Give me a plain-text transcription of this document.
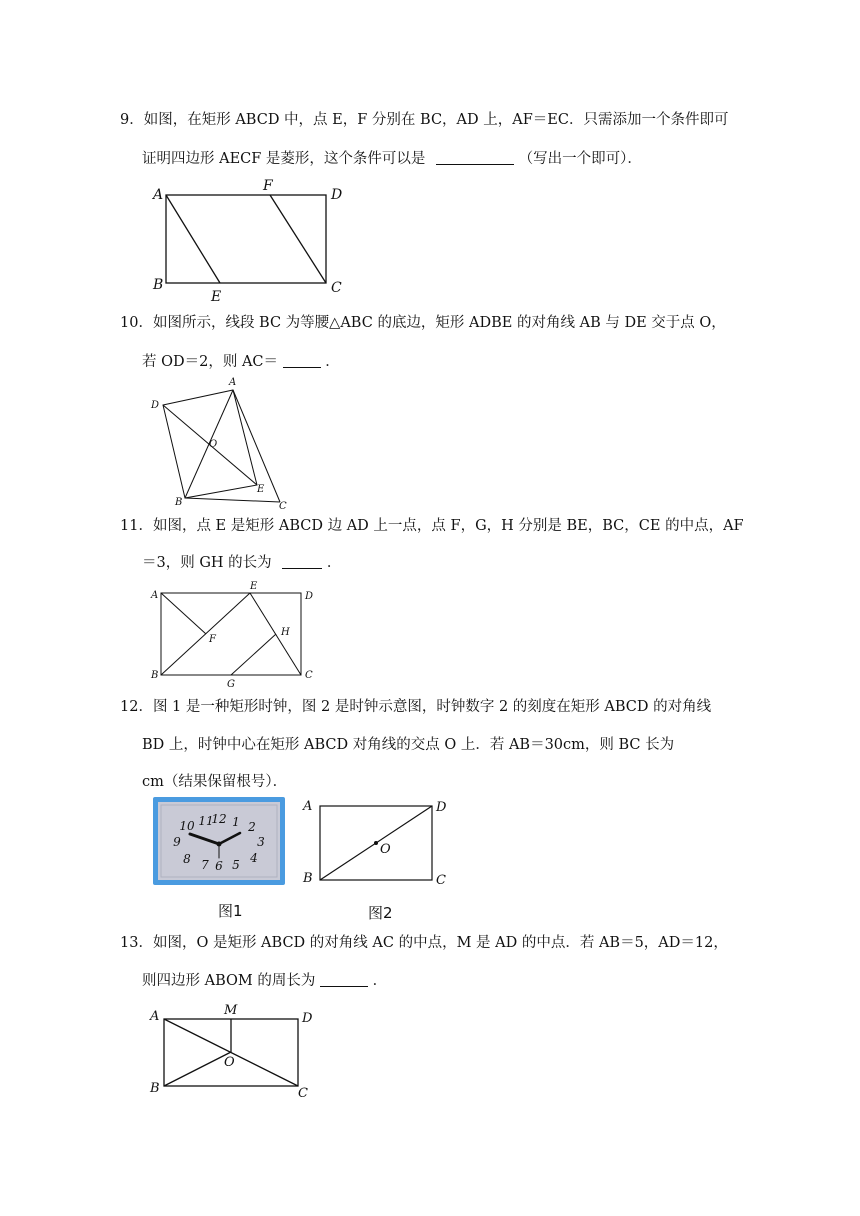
9．如图，在矩形 ABCD 中，点 E，F 分别在 BC，AD 上，AF＝EC．只需添加一个条件即可
证明四边形 AECF 是菱形，这个条件可以是	（写出一个即可）．
A
F
D
B
E
C
10．如图所示，线段 BC 为等腰△ABC 的底边，矩形 ADBE 的对角线 AB 与 DE 交于点 O，
若 OD＝2，则 AC＝	．
A
D
O
E
B	C
11．如图，点 E 是矩形 ABCD 边 AD 上一点，点 F，G，H 分别是 BE，BC，CE 的中点，AF
＝3，则 GH 的长为	．
A
E
D
F
H
B
G
C
12．图 1 是一种矩形时钟，图 2 是时钟示意图，时钟数字 2 的刻度在矩形 ABCD 的对角线
BD 上，时钟中心在矩形 ABCD 对角线的交点 O 上．若 AB＝30cm，则 BC 长为
cm（结果保留根号）．
12 1 2
3
4
5
6
7
8
9
10 11
图1
A	D
O
B	C
图2
13．如图，O 是矩形 ABCD 的对角线 AC 的中点，M 是 AD 的中点．若 AB＝5，AD＝12，
则四边形 ABOM 的周长为	．
A	M
D
O
B	C
